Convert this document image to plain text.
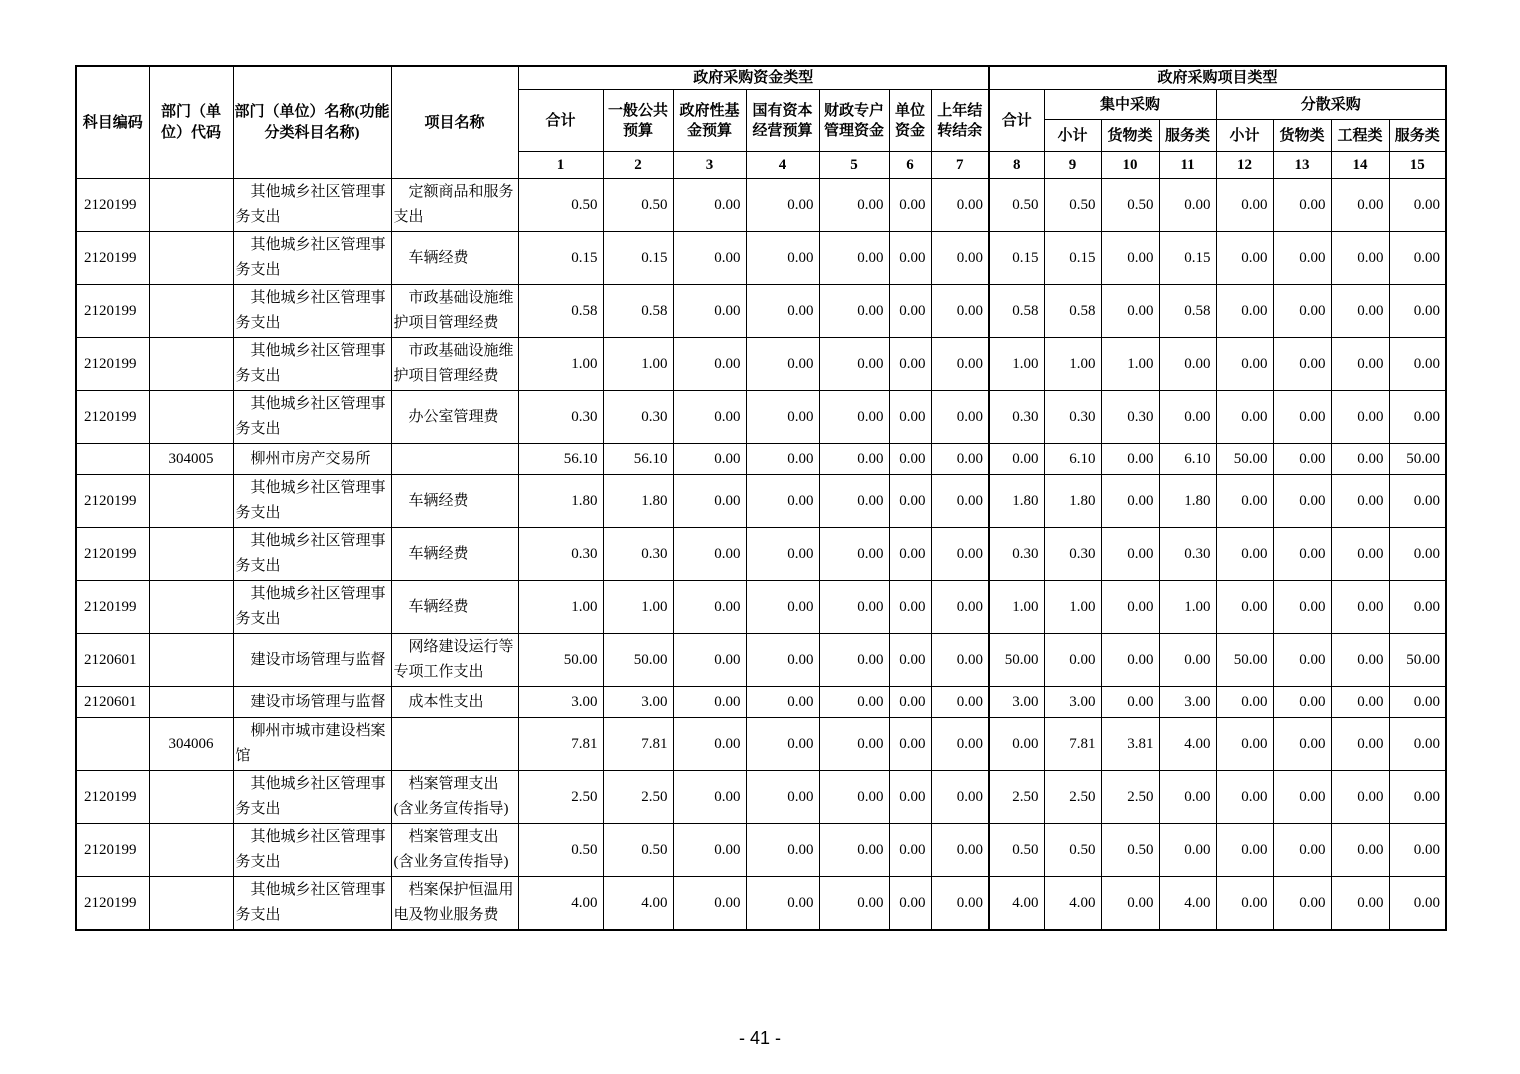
科目编码	部门（单位）代码	部门（单位）名称(功能分类科目名称)	项目名称	政府采购资金类型							政府采购项目类型							
				合计	一般公共预算	政府性基金预算	国有资本经营预算	财政专户管理资金	单位资金	上年结转结余	合计	集中采购			分散采购			
												小计	货物类	服务类	小计	货物类	工程类	服务类
				1	2	3	4	5	6	7	8	9	10	11	12	13	14	15
2120199		其他城乡社区管理事务支出	定额商品和服务支出	0.50	0.50	0.00	0.00	0.00	0.00	0.00	0.50	0.50	0.50	0.00	0.00	0.00	0.00	0.00
2120199		其他城乡社区管理事务支出	车辆经费	0.15	0.15	0.00	0.00	0.00	0.00	0.00	0.15	0.15	0.00	0.15	0.00	0.00	0.00	0.00
2120199		其他城乡社区管理事务支出	市政基础设施维护项目管理经费	0.58	0.58	0.00	0.00	0.00	0.00	0.00	0.58	0.58	0.00	0.58	0.00	0.00	0.00	0.00
2120199		其他城乡社区管理事务支出	市政基础设施维护项目管理经费	1.00	1.00	0.00	0.00	0.00	0.00	0.00	1.00	1.00	1.00	0.00	0.00	0.00	0.00	0.00
2120199		其他城乡社区管理事务支出	办公室管理费	0.30	0.30	0.00	0.00	0.00	0.00	0.00	0.30	0.30	0.30	0.00	0.00	0.00	0.00	0.00
	304005	柳州市房产交易所		56.10	56.10	0.00	0.00	0.00	0.00	0.00	0.00	6.10	0.00	6.10	50.00	0.00	0.00	50.00
2120199		其他城乡社区管理事务支出	车辆经费	1.80	1.80	0.00	0.00	0.00	0.00	0.00	1.80	1.80	0.00	1.80	0.00	0.00	0.00	0.00
2120199		其他城乡社区管理事务支出	车辆经费	0.30	0.30	0.00	0.00	0.00	0.00	0.00	0.30	0.30	0.00	0.30	0.00	0.00	0.00	0.00
2120199		其他城乡社区管理事务支出	车辆经费	1.00	1.00	0.00	0.00	0.00	0.00	0.00	1.00	1.00	0.00	1.00	0.00	0.00	0.00	0.00
2120601		建设市场管理与监督	网络建设运行等专项工作支出	50.00	50.00	0.00	0.00	0.00	0.00	0.00	50.00	0.00	0.00	0.00	50.00	0.00	0.00	50.00
2120601		建设市场管理与监督	成本性支出	3.00	3.00	0.00	0.00	0.00	0.00	0.00	3.00	3.00	0.00	3.00	0.00	0.00	0.00	0.00
	304006	柳州市城市建设档案馆		7.81	7.81	0.00	0.00	0.00	0.00	0.00	0.00	7.81	3.81	4.00	0.00	0.00	0.00	0.00
2120199		其他城乡社区管理事务支出	档案管理支出(含业务宣传指导)	2.50	2.50	0.00	0.00	0.00	0.00	0.00	2.50	2.50	2.50	0.00	0.00	0.00	0.00	0.00
2120199		其他城乡社区管理事务支出	档案管理支出(含业务宣传指导)	0.50	0.50	0.00	0.00	0.00	0.00	0.00	0.50	0.50	0.50	0.00	0.00	0.00	0.00	0.00
2120199		其他城乡社区管理事务支出	档案保护恒温用电及物业服务费	4.00	4.00	0.00	0.00	0.00	0.00	0.00	4.00	4.00	0.00	4.00	0.00	0.00	0.00	0.00
- 41 -
